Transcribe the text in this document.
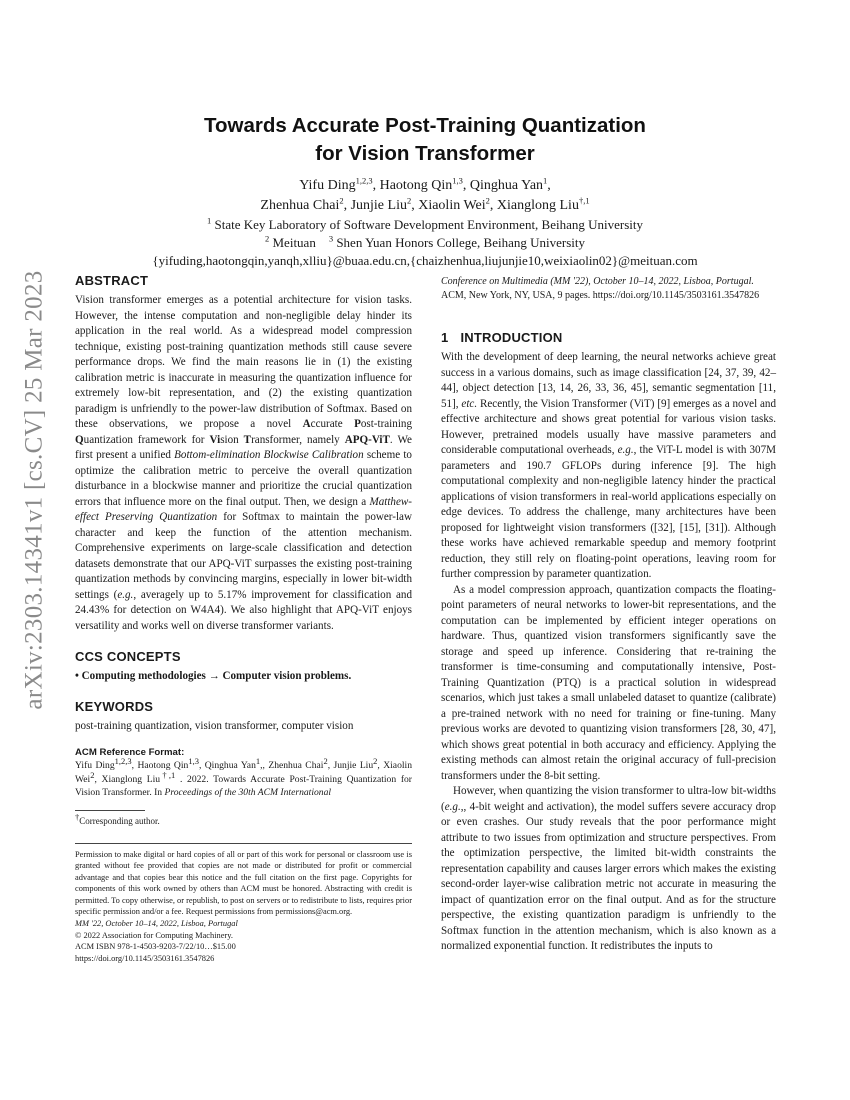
arXiv:2303.14341v1 [cs.CV] 25 Mar 2023
Towards Accurate Post-Training Quantization
for Vision Transformer
Yifu Ding$^{1,2,3}$, Haotong Qin$^{1,3}$, Qinghua Yan$^1$,
Zhenhua Chai$^2$, Junjie Liu$^2$, Xiaolin Wei$^2$, Xianglong Liu$^{\dagger,1}$
$^1$ State Key Laboratory of Software Development Environment, Beihang University
$^2$ Meituan $^3$ Shen Yuan Honors College, Beihang University
{yifuding,haotongqin,yanqh,xlliu}@buaa.edu.cn,{chaizhenhua,liujunjie10,weixiaolin02}@meituan.com
ABSTRACT

Vision transformer emerges as a potential architecture for vision tasks. However, the intense computation and non-negligible delay hinder its application in the real world. As a widespread model compression technique, existing post-training quantization methods still cause severe performance drops. We find the main reasons lie in (1) the existing calibration metric is inaccurate in measuring the quantization influence for extremely low-bit representation, and (2) the existing quantization paradigm is unfriendly to the power-law distribution of Softmax. Based on these observations, we propose a novel Accurate Post-training Quantization framework for Vision Transformer, namely APQ-ViT. We first present a unified Bottom-elimination Blockwise Calibration scheme to optimize the calibration metric to perceive the overall quantization disturbance in a blockwise manner and prioritize the crucial quantization errors that influence more on the final output. Then, we design a Matthew-effect Preserving Quantization for Softmax to maintain the power-law character and keep the function of the attention mechanism. Comprehensive experiments on large-scale classification and detection datasets demonstrate that our APQ-ViT surpasses the existing post-training quantization methods by convincing margins, especially in lower bit-width settings (e.g., averagely up to 5.17% improvement for classification and 24.43% for detection on W4A4). We also highlight that APQ-ViT enjoys versatility and works well on diverse transformer variants.

CCS CONCEPTS
• Computing methodologies → Computer vision problems.
KEYWORDS
post-training quantization, vision transformer, computer vision
ACM Reference Format:
Yifu Ding$^{1,2,3}$, Haotong Qin$^{1,3}$, Qinghua Yan$^1$,, Zhenhua Chai$^2$, Junjie Liu$^2$, Xiaolin Wei$^2$, Xianglong Liu$^{\dagger,1}$ . 2022. Towards Accurate Post-Training Quantization for Vision Transformer. In Proceedings of the 30th ACM International
†Corresponding author.
Permission to make digital or hard copies of all or part of this work for personal or classroom use is granted without fee provided that copies are not made or distributed for profit or commercial advantage and that copies bear this notice and the full citation on the first page. Copyrights for components of this work owned by others than ACM must be honored. Abstracting with credit is permitted. To copy otherwise, or republish, to post on servers or to redistribute to lists, requires prior specific permission and/or a fee. Request permissions from permissions@acm.org.
MM '22, October 10–14, 2022, Lisboa, Portugal
© 2022 Association for Computing Machinery.
ACM ISBN 978-1-4503-9203-7/22/10…$15.00
https://doi.org/10.1145/3503161.3547826
Conference on Multimedia (MM '22), October 10–14, 2022, Lisboa, Portugal.
ACM, New York, NY, USA, 9 pages. https://doi.org/10.1145/3503161.3547826
1 INTRODUCTION

With the development of deep learning, the neural networks achieve great success in a various domains, such as image classification [24, 37, 39, 42–44], object detection [13, 14, 26, 33, 36, 45], semantic segmentation [11, 51], etc. Recently, the Vision Transformer (ViT) [9] emerges as a novel and effective architecture and shows great potential for various vision tasks. However, pretrained models usually have massive parameters and considerable computational overheads, e.g., the ViT-L model is with 307M parameters and 190.7 GFLOPs during inference [9]. The high computational complexity and non-negligible latency hinder the practical applications of vision transformers in real-world applications especially on edge devices. To address the challenge, many architectures have been proposed for lightweight vision transformers ([32], [15], [31]). Although these works have achieved remarkable speedup and memory footprint reduction, they still rely on floating-point operations, leaving room for further compression by parameter quantization.

As a model compression approach, quantization compacts the floating-point parameters of neural networks to lower-bit representations, and the computation can be implemented by efficient integer operations on hardware. Thus, quantized vision transformers significantly save the storage and speed up inference. Considering that re-training the transformer is time-consuming and computationally intensive, Post-Training Quantization (PTQ) is a practical solution in widespread scenarios, which just takes a small unlabeled dataset to quantize (calibrate) a pre-trained network with no need for training or fine-tuning. Many previous works are devoted to quantizing vision transformers [28, 30, 47], which shows great potential in both accuracy and efficiency. Applying the existing methods can almost retain the original accuracy of full-precision transformers under the 8-bit setting.

However, when quantizing the vision transformer to ultra-low bit-widths (e.g.,, 4-bit weight and activation), the model suffers severe accuracy drop or even crashes. Our study reveals that the poor performance might attribute to two issues from optimization and structure perspectives. From the optimization perspective, the limited bit-width constraints the representation capability and causes larger errors which makes the existing second-order layer-wise calibration metric not accurate in measuring the impact of quantization error on the final output. And as for the structure perspective, the existing quantization paradigm is unfriendly to the Softmax function in the attention mechanism, which is also known as a normalized exponential function. It redistributes the inputs to
